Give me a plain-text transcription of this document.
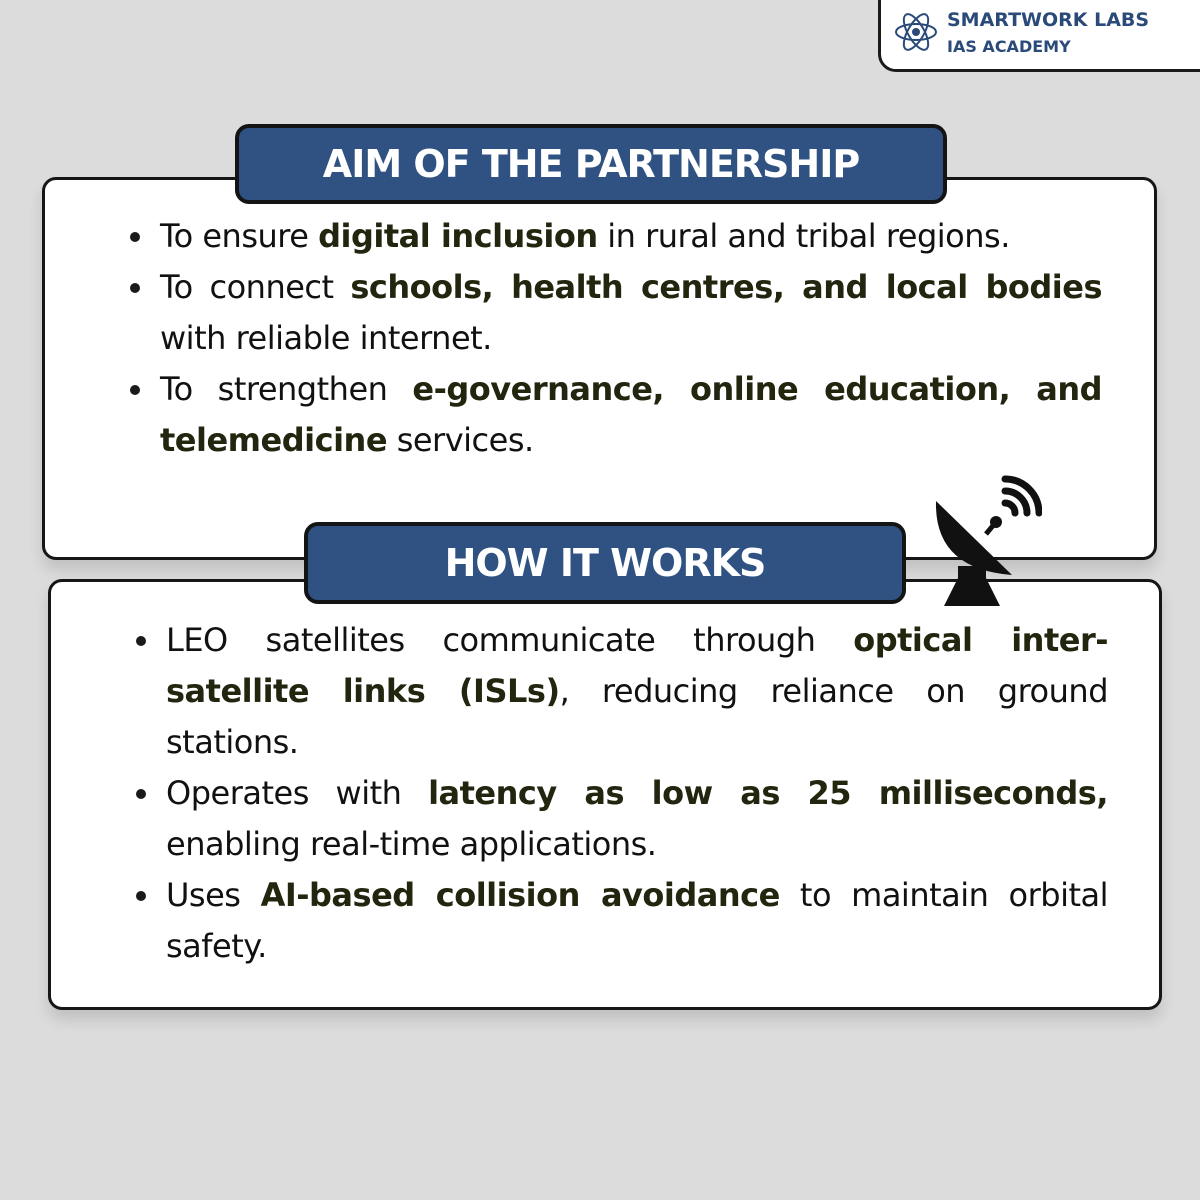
SMARTWORK LABS
IAS ACADEMY
AIM OF THE PARTNERSHIP
To ensure digital inclusion in rural and tribal regions.
To connect schools, health centres, and local bodies with reliable internet.
To strengthen e-governance, online education, and telemedicine services.
HOW IT WORKS
LEO satellites communicate through optical inter-satellite links (ISLs), reducing reliance on ground stations.
Operates with latency as low as 25 milliseconds, enabling real-time applications.
Uses AI-based collision avoidance to maintain orbital safety.
